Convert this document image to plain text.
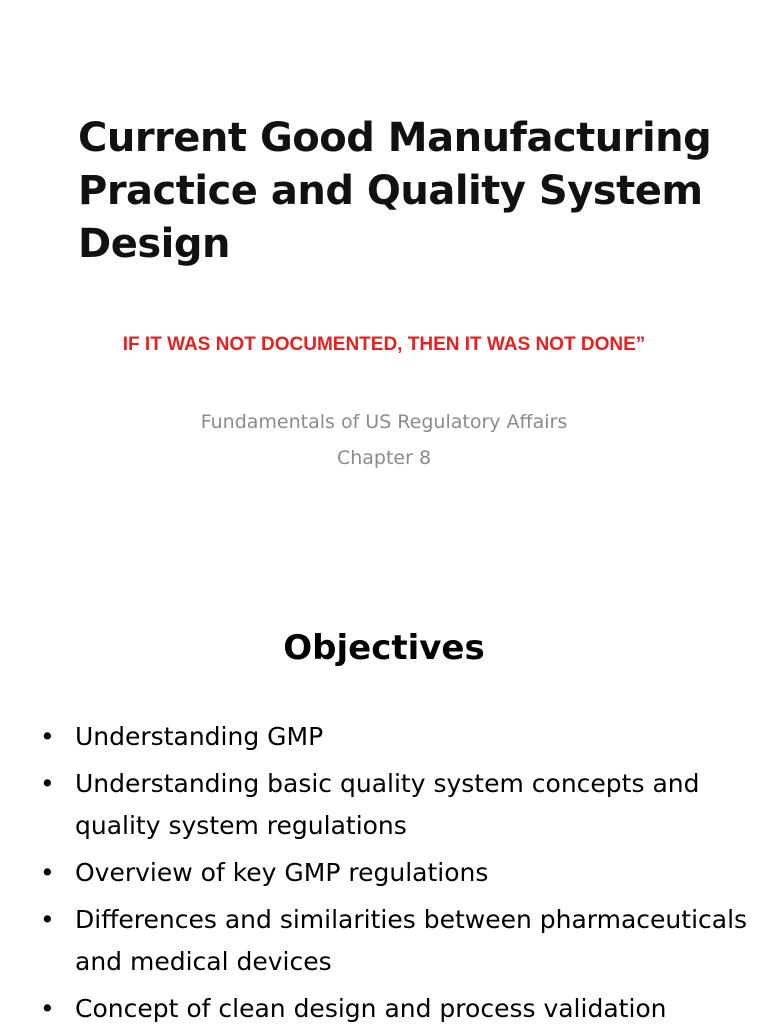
Current Good Manufacturing
Practice and Quality System
Design

IF IT WAS NOT DOCUMENTED, THEN IT WAS NOT DONE”

Fundamentals of US Regulatory Affairs
Chapter 8

Objectives
• Understanding GMP
• Understanding basic quality system concepts and quality system regulations
• Overview of key GMP regulations
• Differences and similarities between pharmaceuticals and medical devices
• Concept of clean design and process validation
